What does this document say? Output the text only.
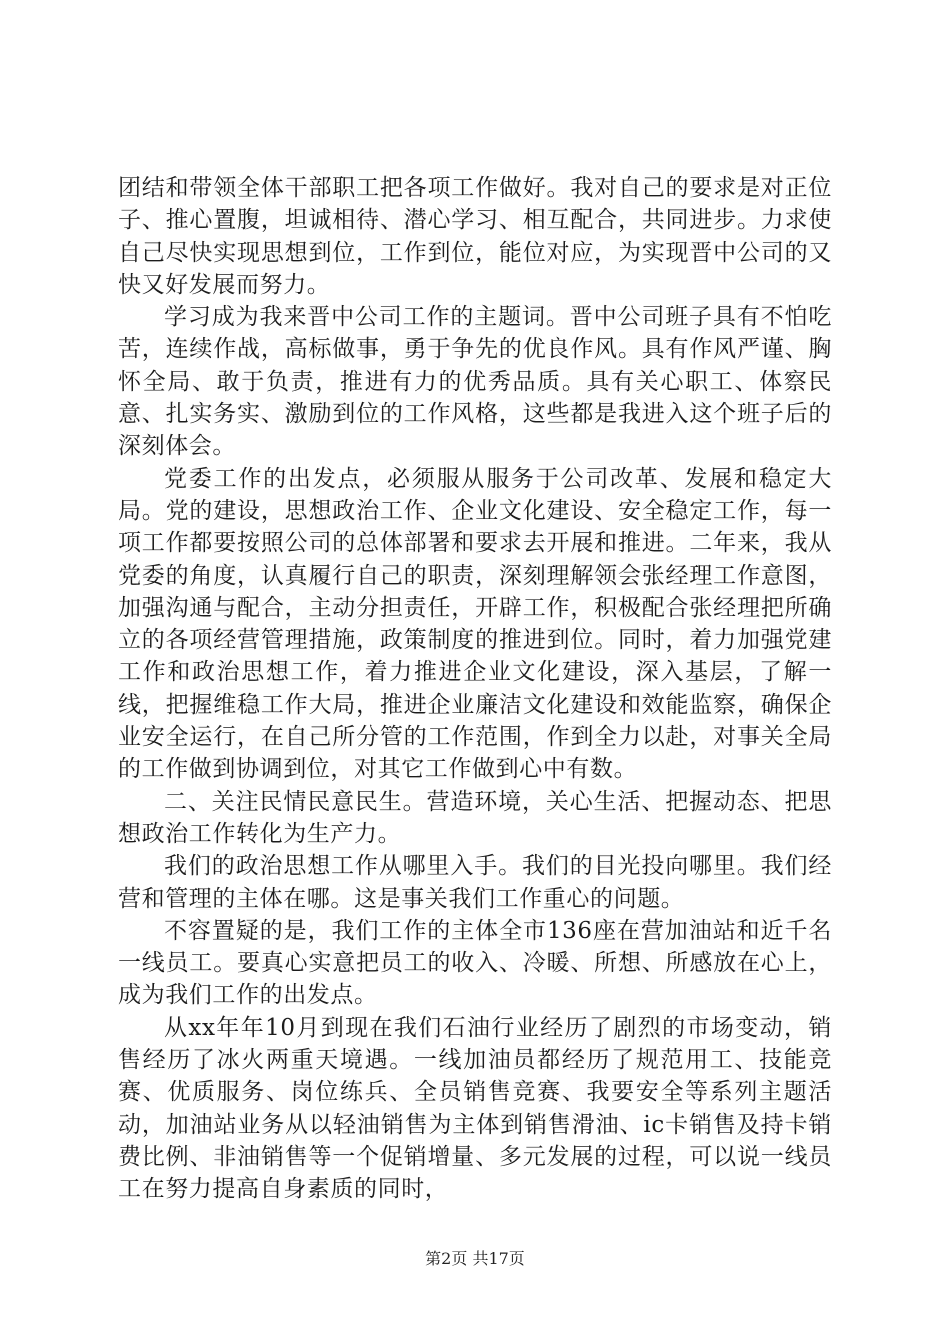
团结和带领全体干部职工把各项工作做好。我对自己的要求是对正位子、推心置腹，坦诚相待、潜心学习、相互配合，共同进步。力求使自己尽快实现思想到位，工作到位，能位对应，为实现晋中公司的又快又好发展而努力。

学习成为我来晋中公司工作的主题词。晋中公司班子具有不怕吃苦，连续作战，高标做事，勇于争先的优良作风。具有作风严谨、胸怀全局、敢于负责，推进有力的优秀品质。具有关心职工、体察民意、扎实务实、激励到位的工作风格，这些都是我进入这个班子后的深刻体会。

党委工作的出发点，必须服从服务于公司改革、发展和稳定大局。党的建设，思想政治工作、企业文化建设、安全稳定工作，每一项工作都要按照公司的总体部署和要求去开展和推进。二年来，我从党委的角度，认真履行自己的职责，深刻理解领会张经理工作意图，加强沟通与配合，主动分担责任，开辟工作，积极配合张经理把所确立的各项经营管理措施，政策制度的推进到位。同时，着力加强党建工作和政治思想工作，着力推进企业文化建设，深入基层，了解一线，把握维稳工作大局，推进企业廉洁文化建设和效能监察，确保企业安全运行，在自己所分管的工作范围，作到全力以赴，对事关全局的工作做到协调到位，对其它工作做到心中有数。

二、关注民情民意民生。营造环境，关心生活、把握动态、把思想政治工作转化为生产力。

我们的政治思想工作从哪里入手。我们的目光投向哪里。我们经营和管理的主体在哪。这是事关我们工作重心的问题。

不容置疑的是，我们工作的主体全市136座在营加油站和近千名一线员工。要真心实意把员工的收入、冷暖、所想、所感放在心上，成为我们工作的出发点。

从xx年年10月到现在我们石油行业经历了剧烈的市场变动，销售经历了冰火两重天境遇。一线加油员都经历了规范用工、技能竞赛、优质服务、岗位练兵、全员销售竞赛、我要安全等系列主题活动，加油站业务从以轻油销售为主体到销售滑油、ic卡销售及持卡销费比例、非油销售等一个促销增量、多元发展的过程，可以说一线员工在努力提高自身素质的同时，

第2页 共17页
